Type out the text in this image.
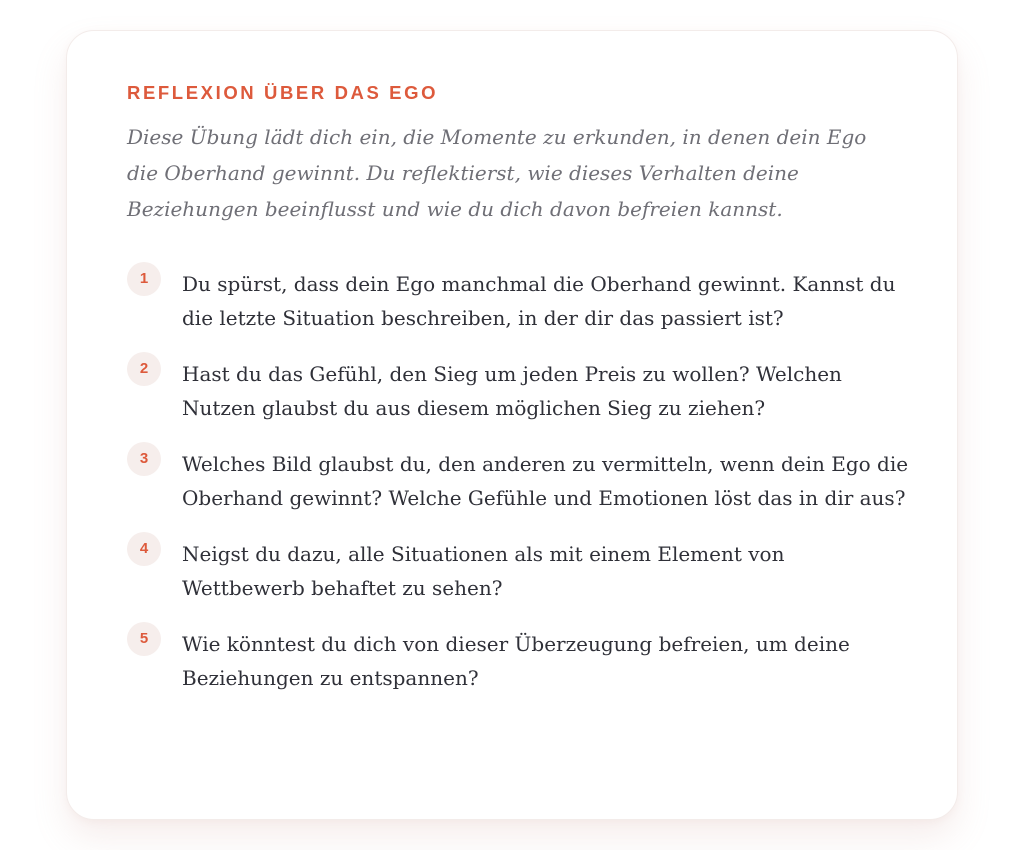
REFLEXION ÜBER DAS EGO

Diese Übung lädt dich ein, die Momente zu erkunden, in denen dein Ego die Oberhand gewinnt. Du reflektierst, wie dieses Verhalten deine Beziehungen beeinflusst und wie du dich davon befreien kannst.

1	Du spürst, dass dein Ego manchmal die Oberhand gewinnt. Kannst du die letzte Situation beschreiben, in der dir das passiert ist?
2	Hast du das Gefühl, den Sieg um jeden Preis zu wollen? Welchen Nutzen glaubst du aus diesem möglichen Sieg zu ziehen?
3	Welches Bild glaubst du, den anderen zu vermitteln, wenn dein Ego die Oberhand gewinnt? Welche Gefühle und Emotionen löst das in dir aus?
4	Neigst du dazu, alle Situationen als mit einem Element von Wettbewerb behaftet zu sehen?
5	Wie könntest du dich von dieser Überzeugung befreien, um deine Beziehungen zu entspannen?
